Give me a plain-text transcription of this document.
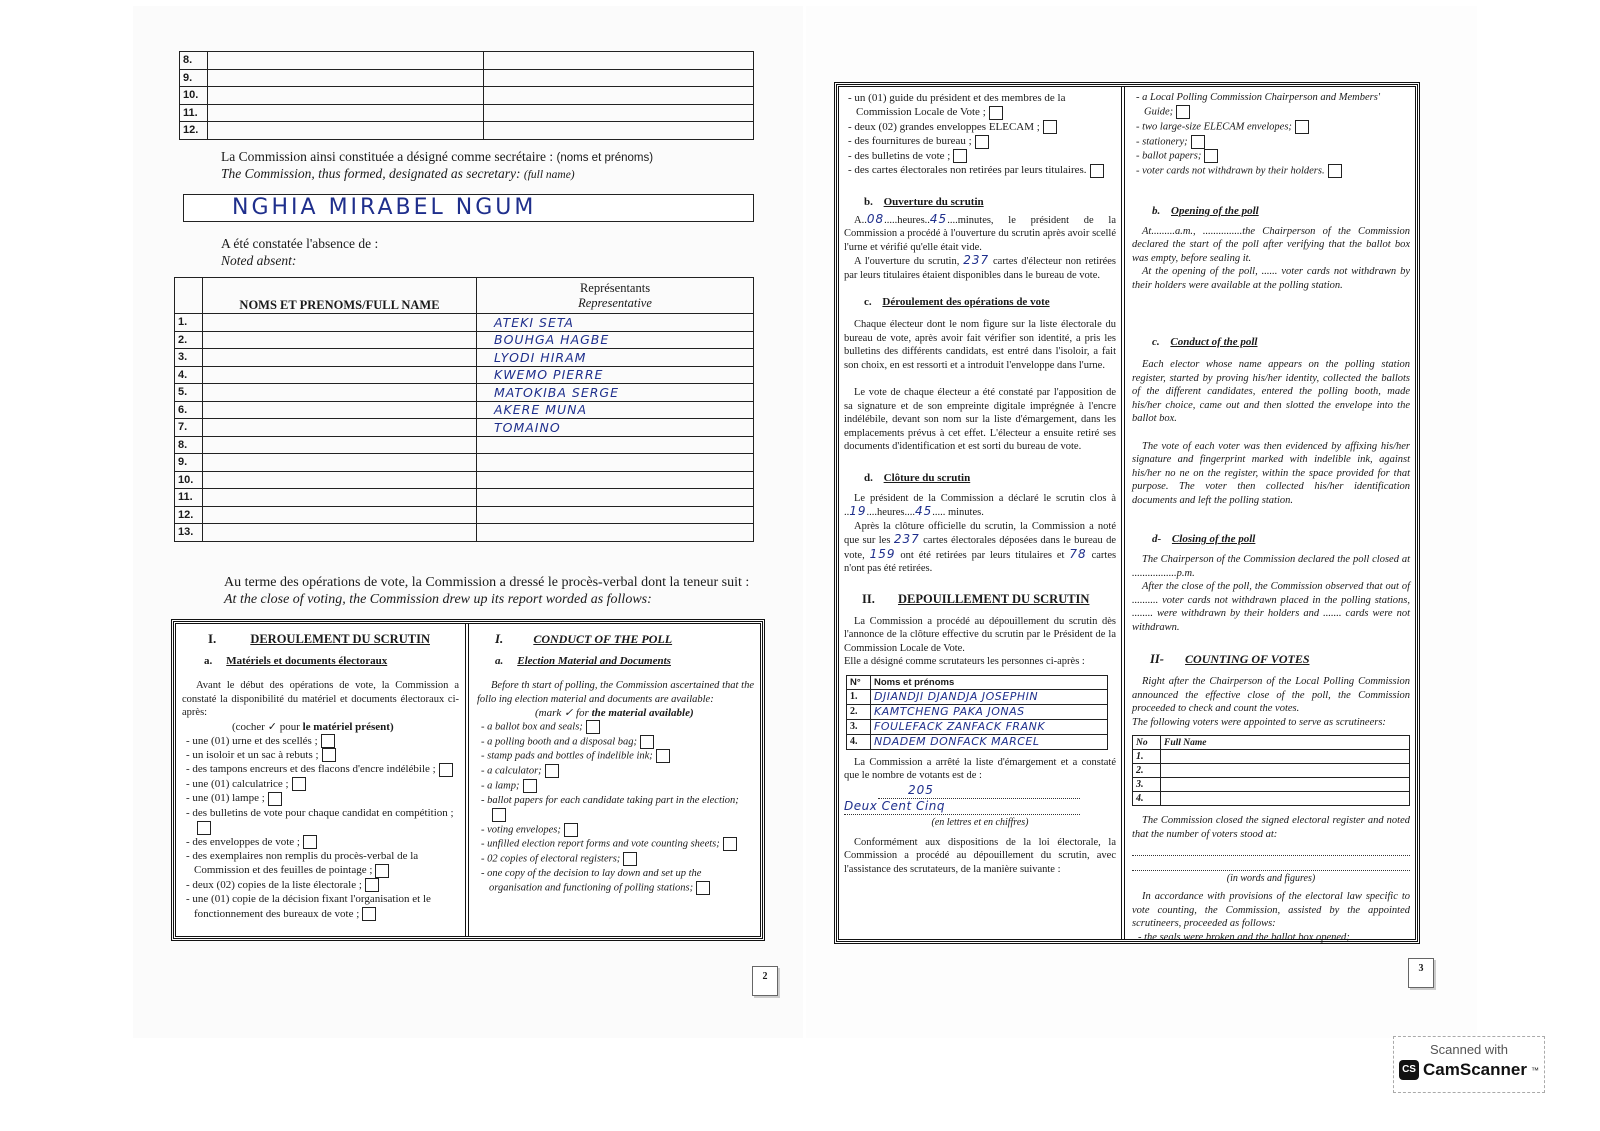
8.		
9.		
10.		
11.		
12.		
La Commission ainsi constituée a désigné comme secrétaire : (noms et prénoms)
The Commission, thus formed, designated as secretary: (full name)
NGHIA MIRABEL NGUM
A été constatée l'absence de :
Noted absent:
	NOMS ET PRENOMS/FULL NAME	Représentants
Representative

1.		ATEKI SETA
2.		BOUHGA HAGBE
3.		LYODI HIRAM
4.		KWEMO PIERRE
5.		MATOKIBA SERGE
6.		AKERE MUNA
7.		TOMAINO
8.		
9.		
10.		
11.		
12.		
13.		
Au terme des opérations de vote, la Commission a dressé le procès-verbal dont la teneur suit :
At the close of voting, the Commission drew up its report worded as follows:
I.	DEROULEMENT DU SCRUTIN
a. Matériels et documents électoraux
Avant le début des opérations de vote, la Commission a constaté la disponibilité du matériel et documents électoraux ci-après:
(cocher ✓ pour le matériel présent)
- une (01) urne et des scellés ;
- un isoloir et un sac à rebuts ;
- des tampons encreurs et des flacons d'encre indélébile ;
- une (01) calculatrice ;
- une (01) lampe ;
- des bulletins de vote pour chaque candidat en compétition ;
- des enveloppes de vote ;
- des exemplaires non remplis du procès-verbal de la Commission et des feuilles de pointage ;
- deux (02) copies de la liste électorale ;
- une (01) copie de la décision fixant l'organisation et le fonctionnement des bureaux de vote ;
I.	CONDUCT OF THE POLL
a. Election Material and Documents
Before th start of polling, the Commission ascertained that the follo ing election material and documents are available:
(mark ✓ for the material available)
- a ballot box and seals;
- a polling booth and a disposal bag;
- stamp pads and bottles of indelible ink;
- a calculator;
- a lamp;
- ballot papers for each candidate taking part in the election;
- voting envelopes;
- unfilled election report forms and vote counting sheets;
- 02 copies of electoral registers;
- one copy of the decision to lay down and set up the organisation and functioning of polling stations;
2
- un (01) guide du président et des membres de la Commission Locale de Vote ;
- deux (02) grandes enveloppes ELECAM ;
- des fournitures de bureau ;
- des bulletins de vote ;
- des cartes électorales non retirées par leurs titulaires.
b. Ouverture du scrutin
A..08.....heures..45....minutes, le président de la Commission a procédé à l'ouverture du scrutin après avoir scellé l'urne et vérifié qu'elle était vide.
A l'ouverture du scrutin, 237 cartes d'électeur non retirées par leurs titulaires étaient disponibles dans le bureau de vote.
c. Déroulement des opérations de vote
Chaque électeur dont le nom figure sur la liste électorale du bureau de vote, après avoir fait vérifier son identité, a pris les bulletins des différents candidats, est entré dans l'isoloir, a fait son choix, en est ressorti et a introduit l'enveloppe dans l'urne.
Le vote de chaque électeur a été constaté par l'apposition de sa signature et de son empreinte digitale imprégnée à l'encre indélébile, devant son nom sur la liste d'émargement, dans les emplacements prévus à cet effet. L'électeur a ensuite retiré ses documents d'identification et est sorti du bureau de vote.
d. Clôture du scrutin
Le président de la Commission a déclaré le scrutin clos à ..19....heures....45..... minutes.
Après la clôture officielle du scrutin, la Commission a noté que sur les 237 cartes électorales déposées dans le bureau de vote, 159 ont été retirées par leurs titulaires et 78 cartes n'ont pas été retirées.
II. DEPOUILLEMENT DU SCRUTIN
La Commission a procédé au dépouillement du scrutin dès l'annonce de la clôture effective du scrutin par le Président de la Commission Locale de Vote.
Elle a désigné comme scrutateurs les personnes ci-après :
N°	Noms et prénoms
1.	DJIANDJI DJANDJA JOSEPHIN
2.	KAMTCHENG PAKA JONAS
3.	FOULEFACK ZANFACK FRANK
4.	NDADEM DONFACK MARCEL
La Commission a arrêté la liste d'émargement et a constaté que le nombre de votants est de :
205
Deux Cent Cinq
(en lettres et en chiffres)
Conformément aux dispositions de la loi électorale, la Commission a procédé au dépouillement du scrutin, avec l'assistance des scrutateurs, de la manière suivante :
- a Local Polling Commission Chairperson and Members' Guide;
- two large-size ELECAM envelopes;
- stationery;
- ballot papers;
- voter cards not withdrawn by their holders.
b. Opening of the poll
At.........a.m., ...............the Chairperson of the Commission declared the start of the poll after verifying that the ballot box was empty, before sealing it.
At the opening of the poll, ...... voter cards not withdrawn by their holders were available at the polling station.
c. Conduct of the poll
Each elector whose name appears on the polling station register, started by proving his/her identity, collected the ballots of the different candidates, entered the polling booth, made his/her choice, came out and then slotted the envelope into the ballot box.
The vote of each voter was then evidenced by affixing his/her signature and fingerprint marked with indelible ink, against his/her no ne on the register, within the space provided for that purpose. The voter then collected his/her identification documents and left the polling station.
d- Closing of the poll
The Chairperson of the Commission declared the poll closed at .................p.m.
After the close of the poll, the Commission observed that out of .......... voter cards not withdrawn placed in the polling stations, ........ were withdrawn by their holders and ....... cards were not withdrawn.
II- COUNTING OF VOTES
Right after the Chairperson of the Local Polling Commission announced the effective close of the poll, the Commission proceeded to check and count the votes.
The following voters were appointed to serve as scrutineers:
No	Full Name
1.	
2.	
3.	
4.	
The Commission closed the signed electoral register and noted that the number of voters stood at:
(in words and figures)
In accordance with provisions of the electoral law specific to vote counting, the Commission, assisted by the appointed scrutineers, proceeded as follows:
- the seals were broken and the ballot box opened;
3
Scanned with
CS CamScanner ™
